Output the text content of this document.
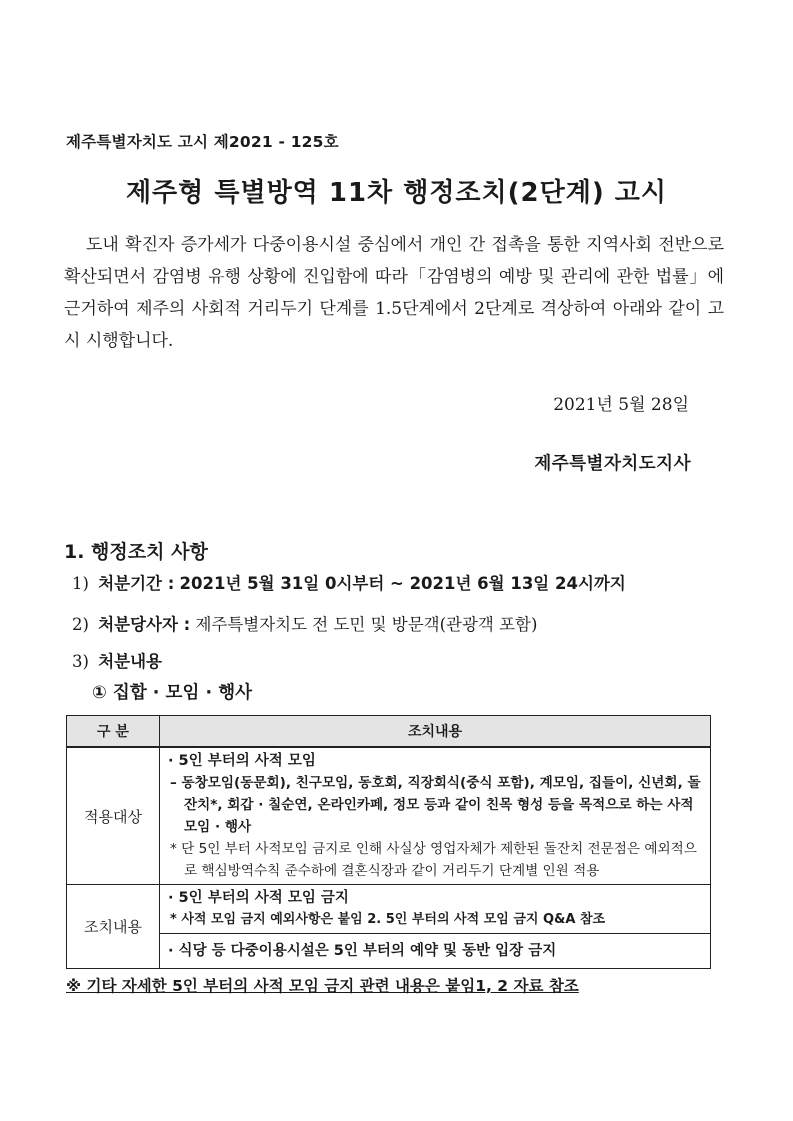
제주특별자치도 고시 제2021 - 125호
제주형 특별방역 11차 행정조치(2단계) 고시
도내 확진자 증가세가 다중이용시설 중심에서 개인 간 접촉을 통한 지역사회 전반으로 확산되면서 감염병 유행 상황에 진입함에 따라「감염병의 예방 및 관리에 관한 법률」에 근거하여 제주의 사회적 거리두기 단계를 1.5단계에서 2단계로 격상하여 아래와 같이 고시 시행합니다.
2021년 5월 28일
제주특별자치도지사
1. 행정조치 사항
1) 처분기간 : 2021년 5월 31일 0시부터 ~ 2021년 6월 13일 24시까지
2) 처분당사자 : 제주특별자치도 전 도민 및 방문객(관광객 포함)
3) 처분내용
① 집합 · 모임 · 행사
구 분	조치내용
적용대상	· 5인 부터의 사적 모임
– 동창모임(동문회), 친구모임, 동호회, 직장회식(중식 포함), 계모임, 집들이, 신년회, 돌잔치*, 회갑 · 칠순연, 온라인카페, 정모 등과 같이 친목 형성 등을 목적으로 하는 사적 모임 · 행사
* 단 5인 부터 사적모임 금지로 인해 사실상 영업자체가 제한된 돌잔치 전문점은 예외적으로 핵심방역수칙 준수하에 결혼식장과 같이 거리두기 단계별 인원 적용

조치내용	· 5인 부터의 사적 모임 금지
* 사적 모임 금지 예외사항은 붙임 2. 5인 부터의 사적 모임 금지 Q&A 참조

	· 식당 등 다중이용시설은 5인 부터의 예약 및 동반 입장 금지
※ 기타 자세한 5인 부터의 사적 모임 금지 관련 내용은 붙임1, 2 자료 참조
